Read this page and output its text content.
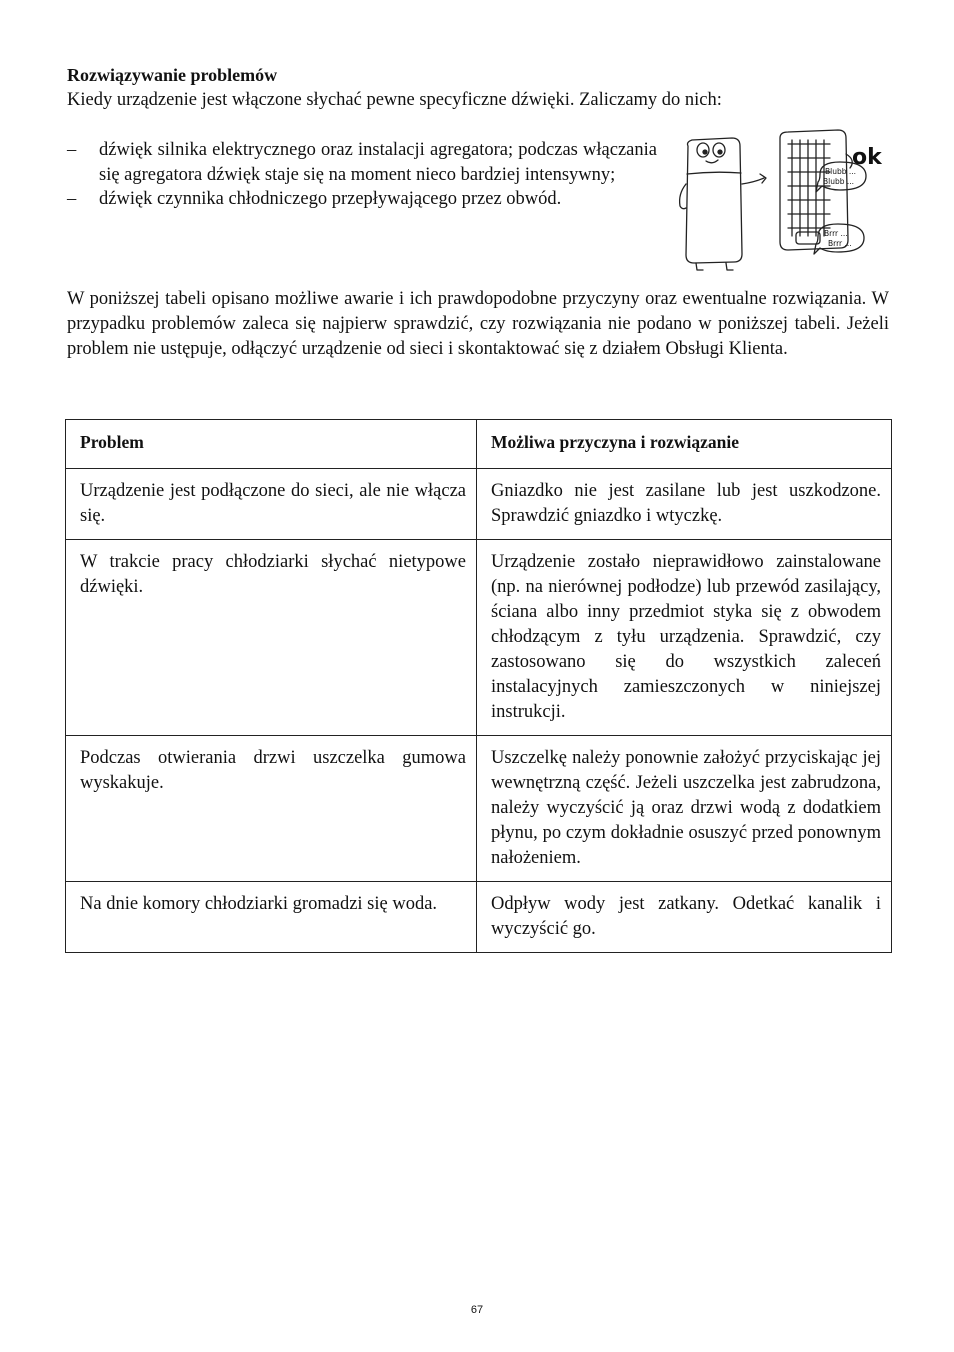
Rozwiązywanie problemów
Kiedy urządzenie jest włączone słychać pewne specyficzne dźwięki. Zaliczamy do nich:
– dźwięk silnika elektrycznego oraz instalacji agregatora; podczas włączania się agregatora dźwięk staje się na moment nieco bardziej intensywny;
– dźwięk czynnika chłodniczego przepływającego przez obwód.
ok
Blubb ...
Blubb ...
Brrr ...
Brrr ...
W poniższej tabeli opisano możliwe awarie i ich prawdopodobne przyczyny oraz ewentualne rozwiązania. W przypadku problemów zaleca się najpierw sprawdzić, czy rozwiązania nie podano w poniższej tabeli. Jeżeli problem nie ustępuje, odłączyć urządzenie od sieci i skontaktować się z działem Obsługi Klienta.
Problem	Możliwa przyczyna i rozwiązanie
Urządzenie jest podłączone do sieci, ale nie włącza się.	Gniazdko nie jest zasilane lub jest uszkodzone. Sprawdzić gniazdko i wtyczkę.
W trakcie pracy chłodziarki słychać nietypowe dźwięki.	Urządzenie zostało nieprawidłowo zainstalowane (np. na nierównej podłodze) lub przewód zasilający, ściana albo inny przedmiot styka się z obwodem chłodzącym z tyłu urządzenia. Sprawdzić, czy zastosowano się do wszystkich zaleceń instalacyjnych zamieszczonych w niniejszej instrukcji.
Podczas otwierania drzwi uszczelka gumowa wyskakuje.	Uszczelkę należy ponownie założyć przyciskając jej wewnętrzną część. Jeżeli uszczelka jest zabrudzona, należy wyczyścić ją oraz drzwi wodą z dodatkiem płynu, po czym dokładnie osuszyć przed ponownym nałożeniem.
Na dnie komory chłodziarki gromadzi się woda.	Odpływ wody jest zatkany. Odetkać kanalik i wyczyścić go.
67
